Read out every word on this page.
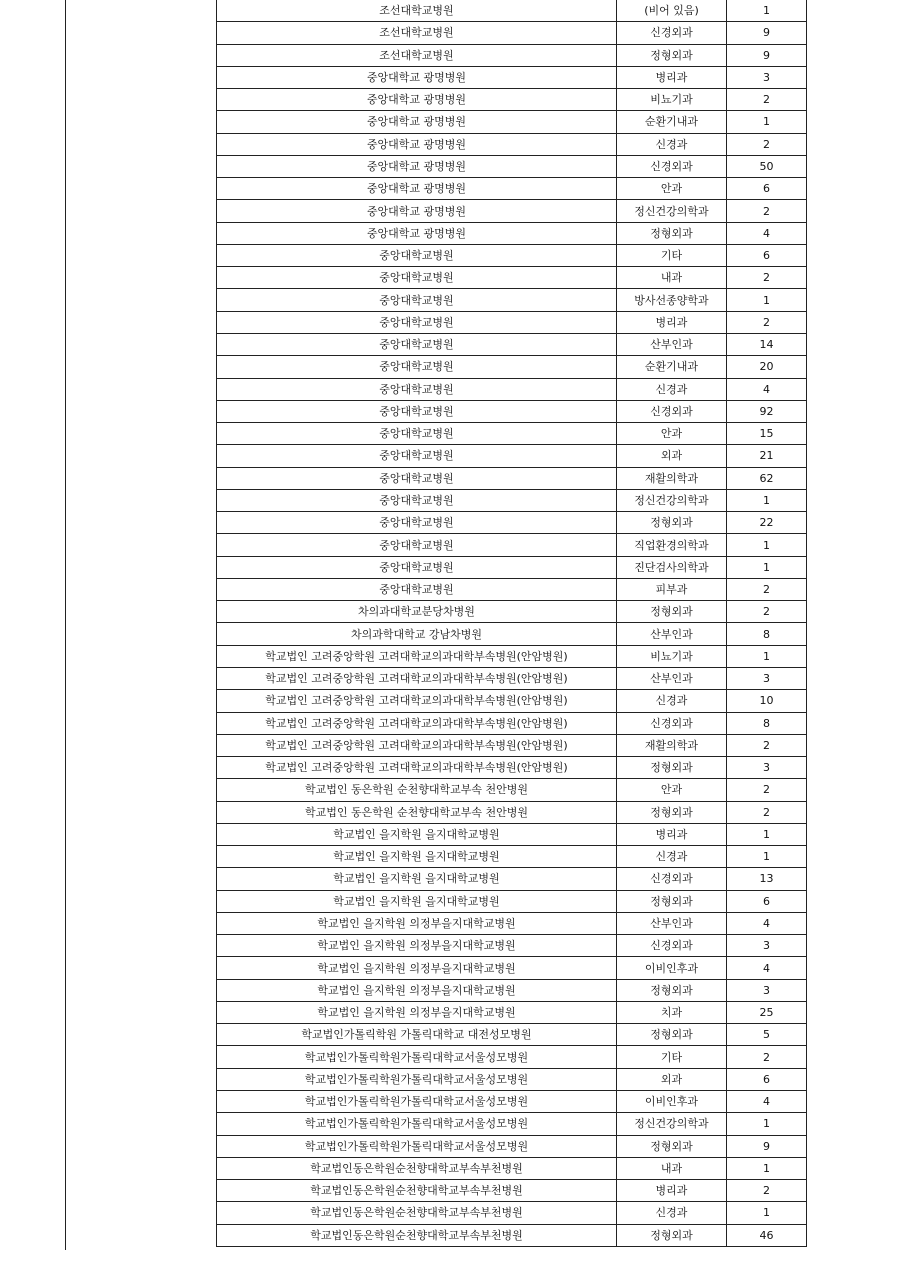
조선대학교병원	(비어 있음)	1
조선대학교병원	신경외과	9
조선대학교병원	정형외과	9
중앙대학교 광명병원	병리과	3
중앙대학교 광명병원	비뇨기과	2
중앙대학교 광명병원	순환기내과	1
중앙대학교 광명병원	신경과	2
중앙대학교 광명병원	신경외과	50
중앙대학교 광명병원	안과	6
중앙대학교 광명병원	정신건강의학과	2
중앙대학교 광명병원	정형외과	4
중앙대학교병원	기타	6
중앙대학교병원	내과	2
중앙대학교병원	방사선종양학과	1
중앙대학교병원	병리과	2
중앙대학교병원	산부인과	14
중앙대학교병원	순환기내과	20
중앙대학교병원	신경과	4
중앙대학교병원	신경외과	92
중앙대학교병원	안과	15
중앙대학교병원	외과	21
중앙대학교병원	재활의학과	62
중앙대학교병원	정신건강의학과	1
중앙대학교병원	정형외과	22
중앙대학교병원	직업환경의학과	1
중앙대학교병원	진단검사의학과	1
중앙대학교병원	피부과	2
차의과대학교분당차병원	정형외과	2
차의과학대학교 강남차병원	산부인과	8
학교법인 고려중앙학원 고려대학교의과대학부속병원(안암병원)	비뇨기과	1
학교법인 고려중앙학원 고려대학교의과대학부속병원(안암병원)	산부인과	3
학교법인 고려중앙학원 고려대학교의과대학부속병원(안암병원)	신경과	10
학교법인 고려중앙학원 고려대학교의과대학부속병원(안암병원)	신경외과	8
학교법인 고려중앙학원 고려대학교의과대학부속병원(안암병원)	재활의학과	2
학교법인 고려중앙학원 고려대학교의과대학부속병원(안암병원)	정형외과	3
학교법인 동은학원 순천향대학교부속 천안병원	안과	2
학교법인 동은학원 순천향대학교부속 천안병원	정형외과	2
학교법인 을지학원 을지대학교병원	병리과	1
학교법인 을지학원 을지대학교병원	신경과	1
학교법인 을지학원 을지대학교병원	신경외과	13
학교법인 을지학원 을지대학교병원	정형외과	6
학교법인 을지학원 의정부을지대학교병원	산부인과	4
학교법인 을지학원 의정부을지대학교병원	신경외과	3
학교법인 을지학원 의정부을지대학교병원	이비인후과	4
학교법인 을지학원 의정부을지대학교병원	정형외과	3
학교법인 을지학원 의정부을지대학교병원	치과	25
학교법인가톨릭학원 가톨릭대학교 대전성모병원	정형외과	5
학교법인가톨릭학원가톨릭대학교서울성모병원	기타	2
학교법인가톨릭학원가톨릭대학교서울성모병원	외과	6
학교법인가톨릭학원가톨릭대학교서울성모병원	이비인후과	4
학교법인가톨릭학원가톨릭대학교서울성모병원	정신건강의학과	1
학교법인가톨릭학원가톨릭대학교서울성모병원	정형외과	9
학교법인동은학원순천향대학교부속부천병원	내과	1
학교법인동은학원순천향대학교부속부천병원	병리과	2
학교법인동은학원순천향대학교부속부천병원	신경과	1
학교법인동은학원순천향대학교부속부천병원	정형외과	46
